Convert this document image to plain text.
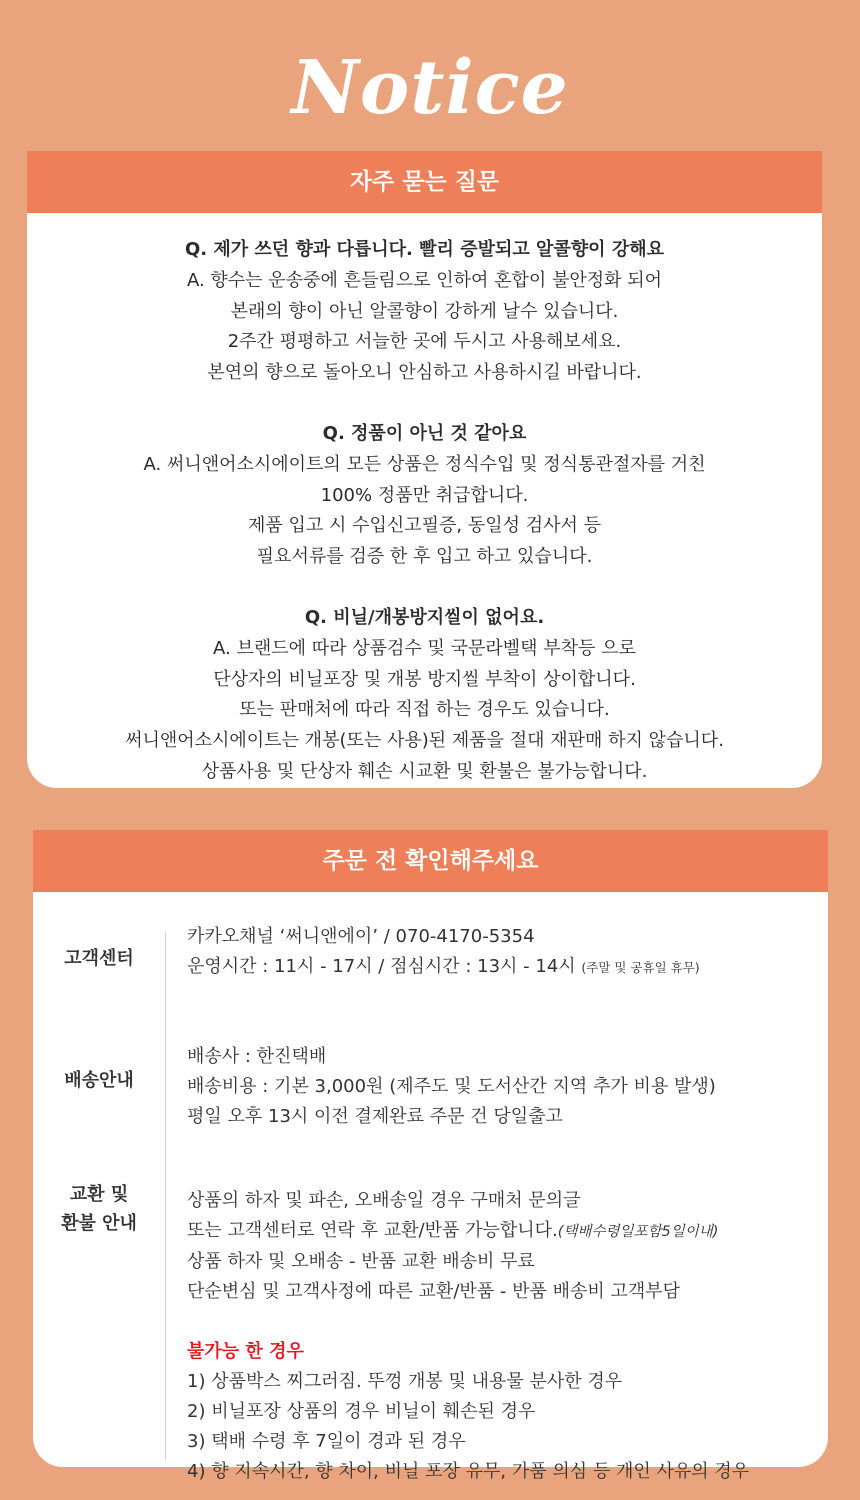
Notice
자주 묻는 질문
Q. 제가 쓰던 향과 다릅니다. 빨리 증발되고 알콜향이 강해요
A. 향수는 운송중에 흔들림으로 인하여 혼합이 불안정화 되어
본래의 향이 아닌 알콜향이 강하게 날수 있습니다.
2주간 평평하고 서늘한 곳에 두시고 사용해보세요.
본연의 향으로 돌아오니 안심하고 사용하시길 바랍니다.
Q. 정품이 아닌 것 같아요
A. 써니앤어소시에이트의 모든 상품은 정식수입 및 정식통관절자를 거친
100% 정품만 취급합니다.
제품 입고 시 수입신고필증, 동일성 검사서 등
필요서류를 검증 한 후 입고 하고 있습니다.
Q. 비닐/개봉방지씰이 없어요.
A. 브랜드에 따라 상품검수 및 국문라벨택 부착등 으로
단상자의 비닐포장 및 개봉 방지씰 부착이 상이합니다.
또는 판매처에 따라 직접 하는 경우도 있습니다.
써니앤어소시에이트는 개봉(또는 사용)된 제품을 절대 재판매 하지 않습니다.
상품사용 및 단상자 훼손 시교환 및 환불은 불가능합니다.
주문 전 확인해주세요
고객센터
카카오채널 ‘써니앤에이’ / 070-4170-5354
운영시간 : 11시 - 17시 / 점심시간 : 13시 - 14시 (주말 및 공휴일 휴무)
배송안내
배송사 : 한진택배
배송비용 : 기본 3,000원 (제주도 및 도서산간 지역 추가 비용 발생)
평일 오후 13시 이전 결제완료 주문 건 당일출고
교환 및
환불 안내
상품의 하자 및 파손, 오배송일 경우 구매처 문의글
또는 고객센터로 연락 후 교환/반품 가능합니다.(택배수령일포함5일이내)
상품 하자 및 오배송 - 반품 교환 배송비 무료
단순변심 및 고객사정에 따른 교환/반품 - 반품 배송비 고객부담
불가능 한 경우
1) 상품박스 찌그러짐. 뚜껑 개봉 및 내용물 분사한 경우
2) 비닐포장 상품의 경우 비닐이 훼손된 경우
3) 택배 수령 후 7일이 경과 된 경우
4) 향 지속시간, 향 차이, 비닐 포장 유무, 가품 의심 등 개인 사유의 경우
